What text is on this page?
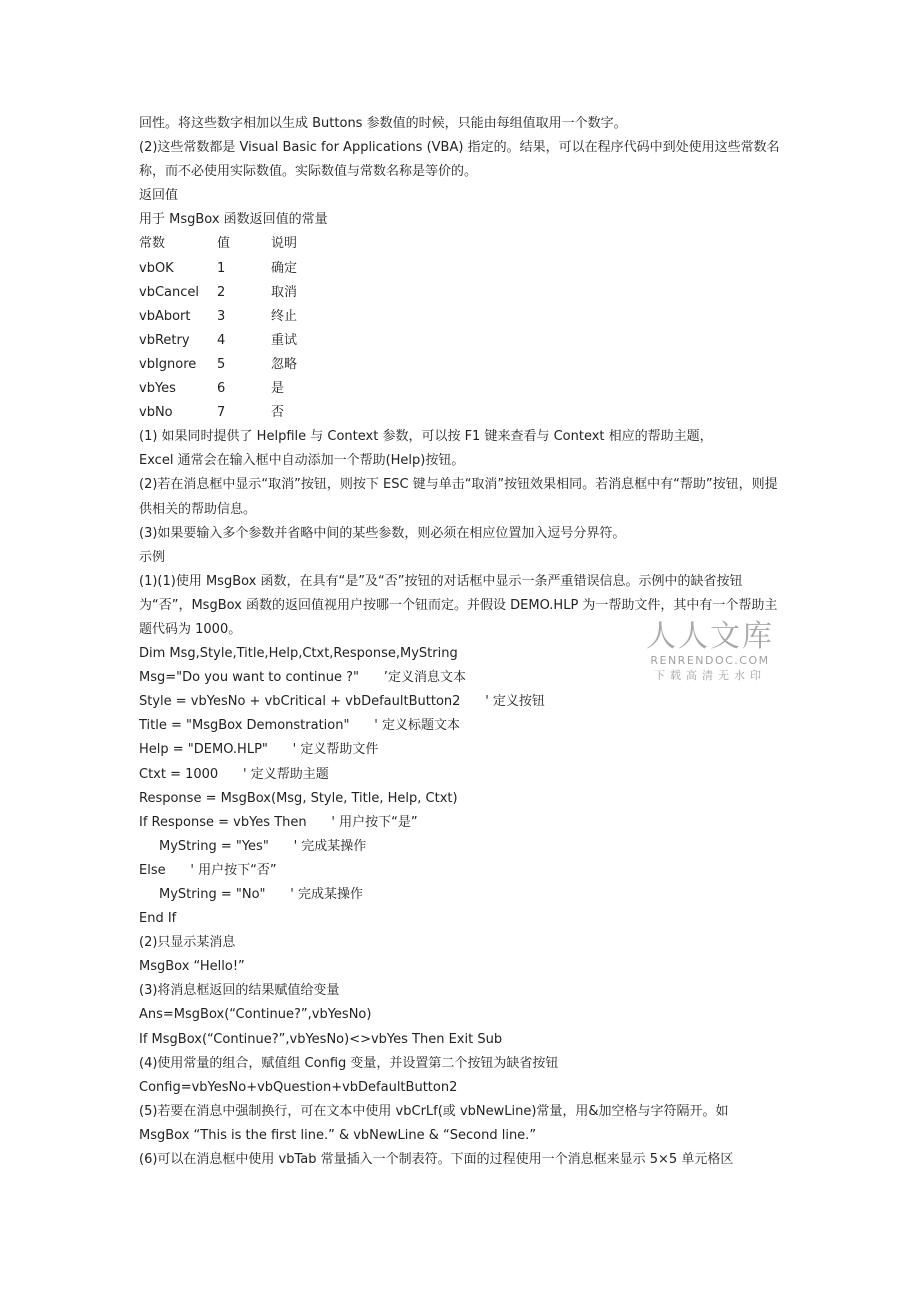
回性。将这些数字相加以生成 Buttons 参数值的时候，只能由每组值取用一个数字。
(2)这些常数都是 Visual Basic for Applications (VBA) 指定的。结果，可以在程序代码中到处使用这些常数名称，而不必使用实际数值。实际数值与常数名称是等价的。
返回值
用于 MsgBox 函数返回值的常量
常数	值	说明
vbOK	1	确定
vbCancel	2	取消
vbAbort	3	终止
vbRetry	4	重试
vbIgnore	5	忽略
vbYes	6	是
vbNo	7	否
(1) 如果同时提供了 Helpfile 与 Context 参数，可以按 F1 键来查看与 Context 相应的帮助主题，
Excel 通常会在输入框中自动添加一个帮助(Help)按钮。
(2)若在消息框中显示“取消”按钮，则按下 ESC 键与单击“取消”按钮效果相同。若消息框中有“帮助”按钮，则提供相关的帮助信息。
(3)如果要输入多个参数并省略中间的某些参数，则必须在相应位置加入逗号分界符。
示例
(1)(1)使用 MsgBox 函数，在具有“是”及“否”按钮的对话框中显示一条严重错误信息。示例中的缺省按钮为“否”，MsgBox 函数的返回值视用户按哪一个钮而定。并假设 DEMO.HLP 为一帮助文件，其中有一个帮助主题代码为 1000。
Dim Msg,Style,Title,Help,Ctxt,Response,MyString
Msg="Do you want to continue ?"      ’定义消息文本
Style = vbYesNo + vbCritical + vbDefaultButton2      ' 定义按钮
Title = "MsgBox Demonstration"      ' 定义标题文本
Help = "DEMO.HLP"      ' 定义帮助文件
Ctxt = 1000      ' 定义帮助主题
Response = MsgBox(Msg, Style, Title, Help, Ctxt)
If Response = vbYes Then      ' 用户按下“是”
MyString = "Yes"      ' 完成某操作
Else      ' 用户按下“否”
MyString = "No"      ' 完成某操作
End If
(2)只显示某消息
MsgBox “Hello!”
(3)将消息框返回的结果赋值给变量
Ans=MsgBox(“Continue?”,vbYesNo)
If MsgBox(“Continue?”,vbYesNo)<>vbYes Then Exit Sub
(4)使用常量的组合，赋值组 Config 变量，并设置第二个按钮为缺省按钮
Config=vbYesNo+vbQuestion+vbDefaultButton2
(5)若要在消息中强制换行，可在文本中使用 vbCrLf(或 vbNewLine)常量，用&加空格与字符隔开。如
MsgBox “This is the first line.” & vbNewLine & “Second line.”
(6)可以在消息框中使用 vbTab 常量插入一个制表符。下面的过程使用一个消息框来显示 5×5 单元格区
人人文库
RENRENDOC.COM
下载高清无水印
